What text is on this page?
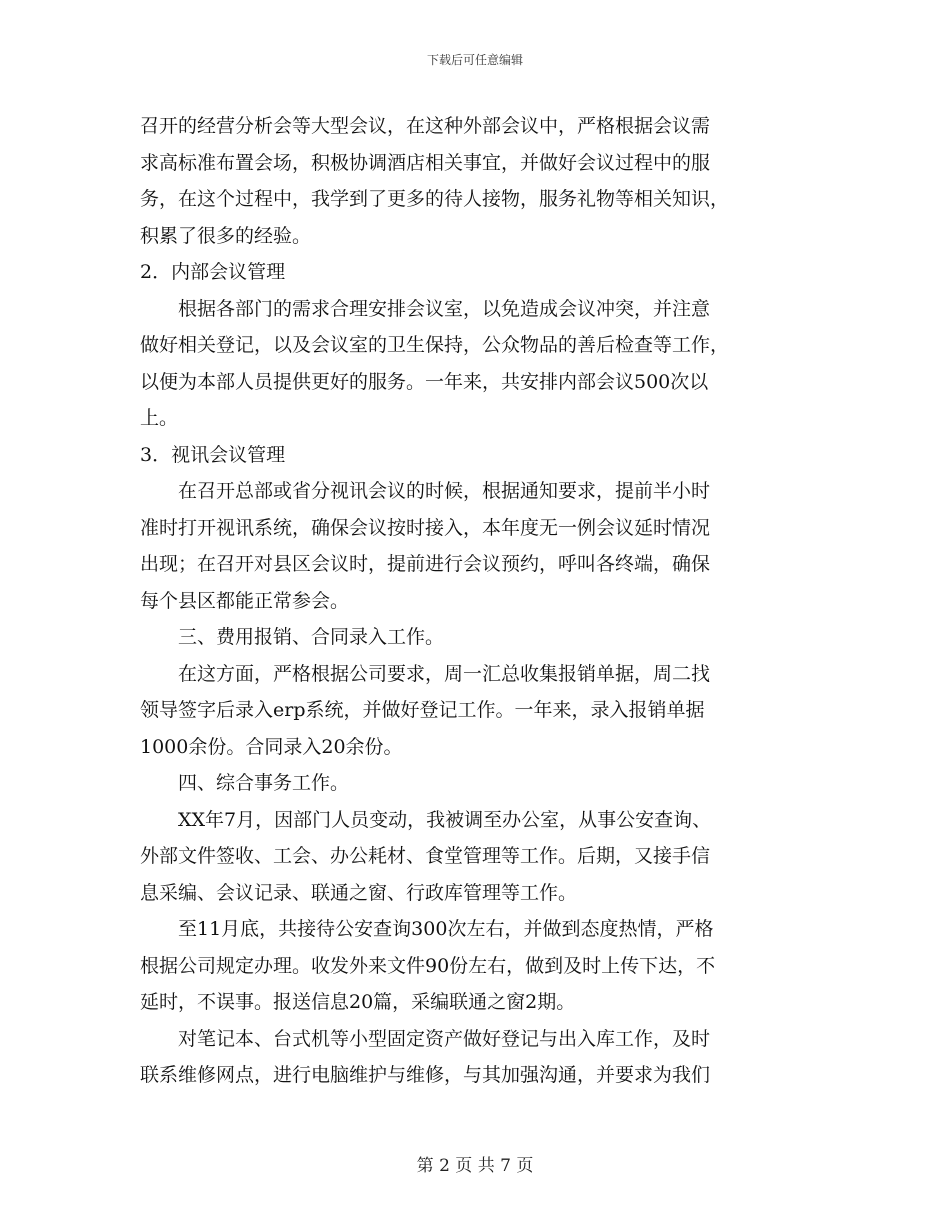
下载后可任意编辑
召开的经营分析会等大型会议，在这种外部会议中，严格根据会议需
求高标准布置会场，积极协调酒店相关事宜，并做好会议过程中的服
务，在这个过程中，我学到了更多的待人接物，服务礼物等相关知识，
积累了很多的经验。
2．内部会议管理
　　根据各部门的需求合理安排会议室，以免造成会议冲突，并注意
做好相关登记，以及会议室的卫生保持，公众物品的善后检查等工作，
以便为本部人员提供更好的服务。一年来，共安排内部会议500次以
上。
3．视讯会议管理
　　在召开总部或省分视讯会议的时候，根据通知要求，提前半小时
准时打开视讯系统，确保会议按时接入，本年度无一例会议延时情况
出现；在召开对县区会议时，提前进行会议预约，呼叫各终端，确保
每个县区都能正常参会。
　　三、费用报销、合同录入工作。
　　在这方面，严格根据公司要求，周一汇总收集报销单据，周二找
领导签字后录入erp系统，并做好登记工作。一年来，录入报销单据
1000余份。合同录入20余份。
　　四、综合事务工作。
　　XX年7月，因部门人员变动，我被调至办公室，从事公安查询、
外部文件签收、工会、办公耗材、食堂管理等工作。后期，又接手信
息采编、会议记录、联通之窗、行政库管理等工作。
　　至11月底，共接待公安查询300次左右，并做到态度热情，严格
根据公司规定办理。收发外来文件90份左右，做到及时上传下达，不
延时，不误事。报送信息20篇，采编联通之窗2期。
　　对笔记本、台式机等小型固定资产做好登记与出入库工作，及时
联系维修网点，进行电脑维护与维修，与其加强沟通，并要求为我们
第 2 页 共 7 页
